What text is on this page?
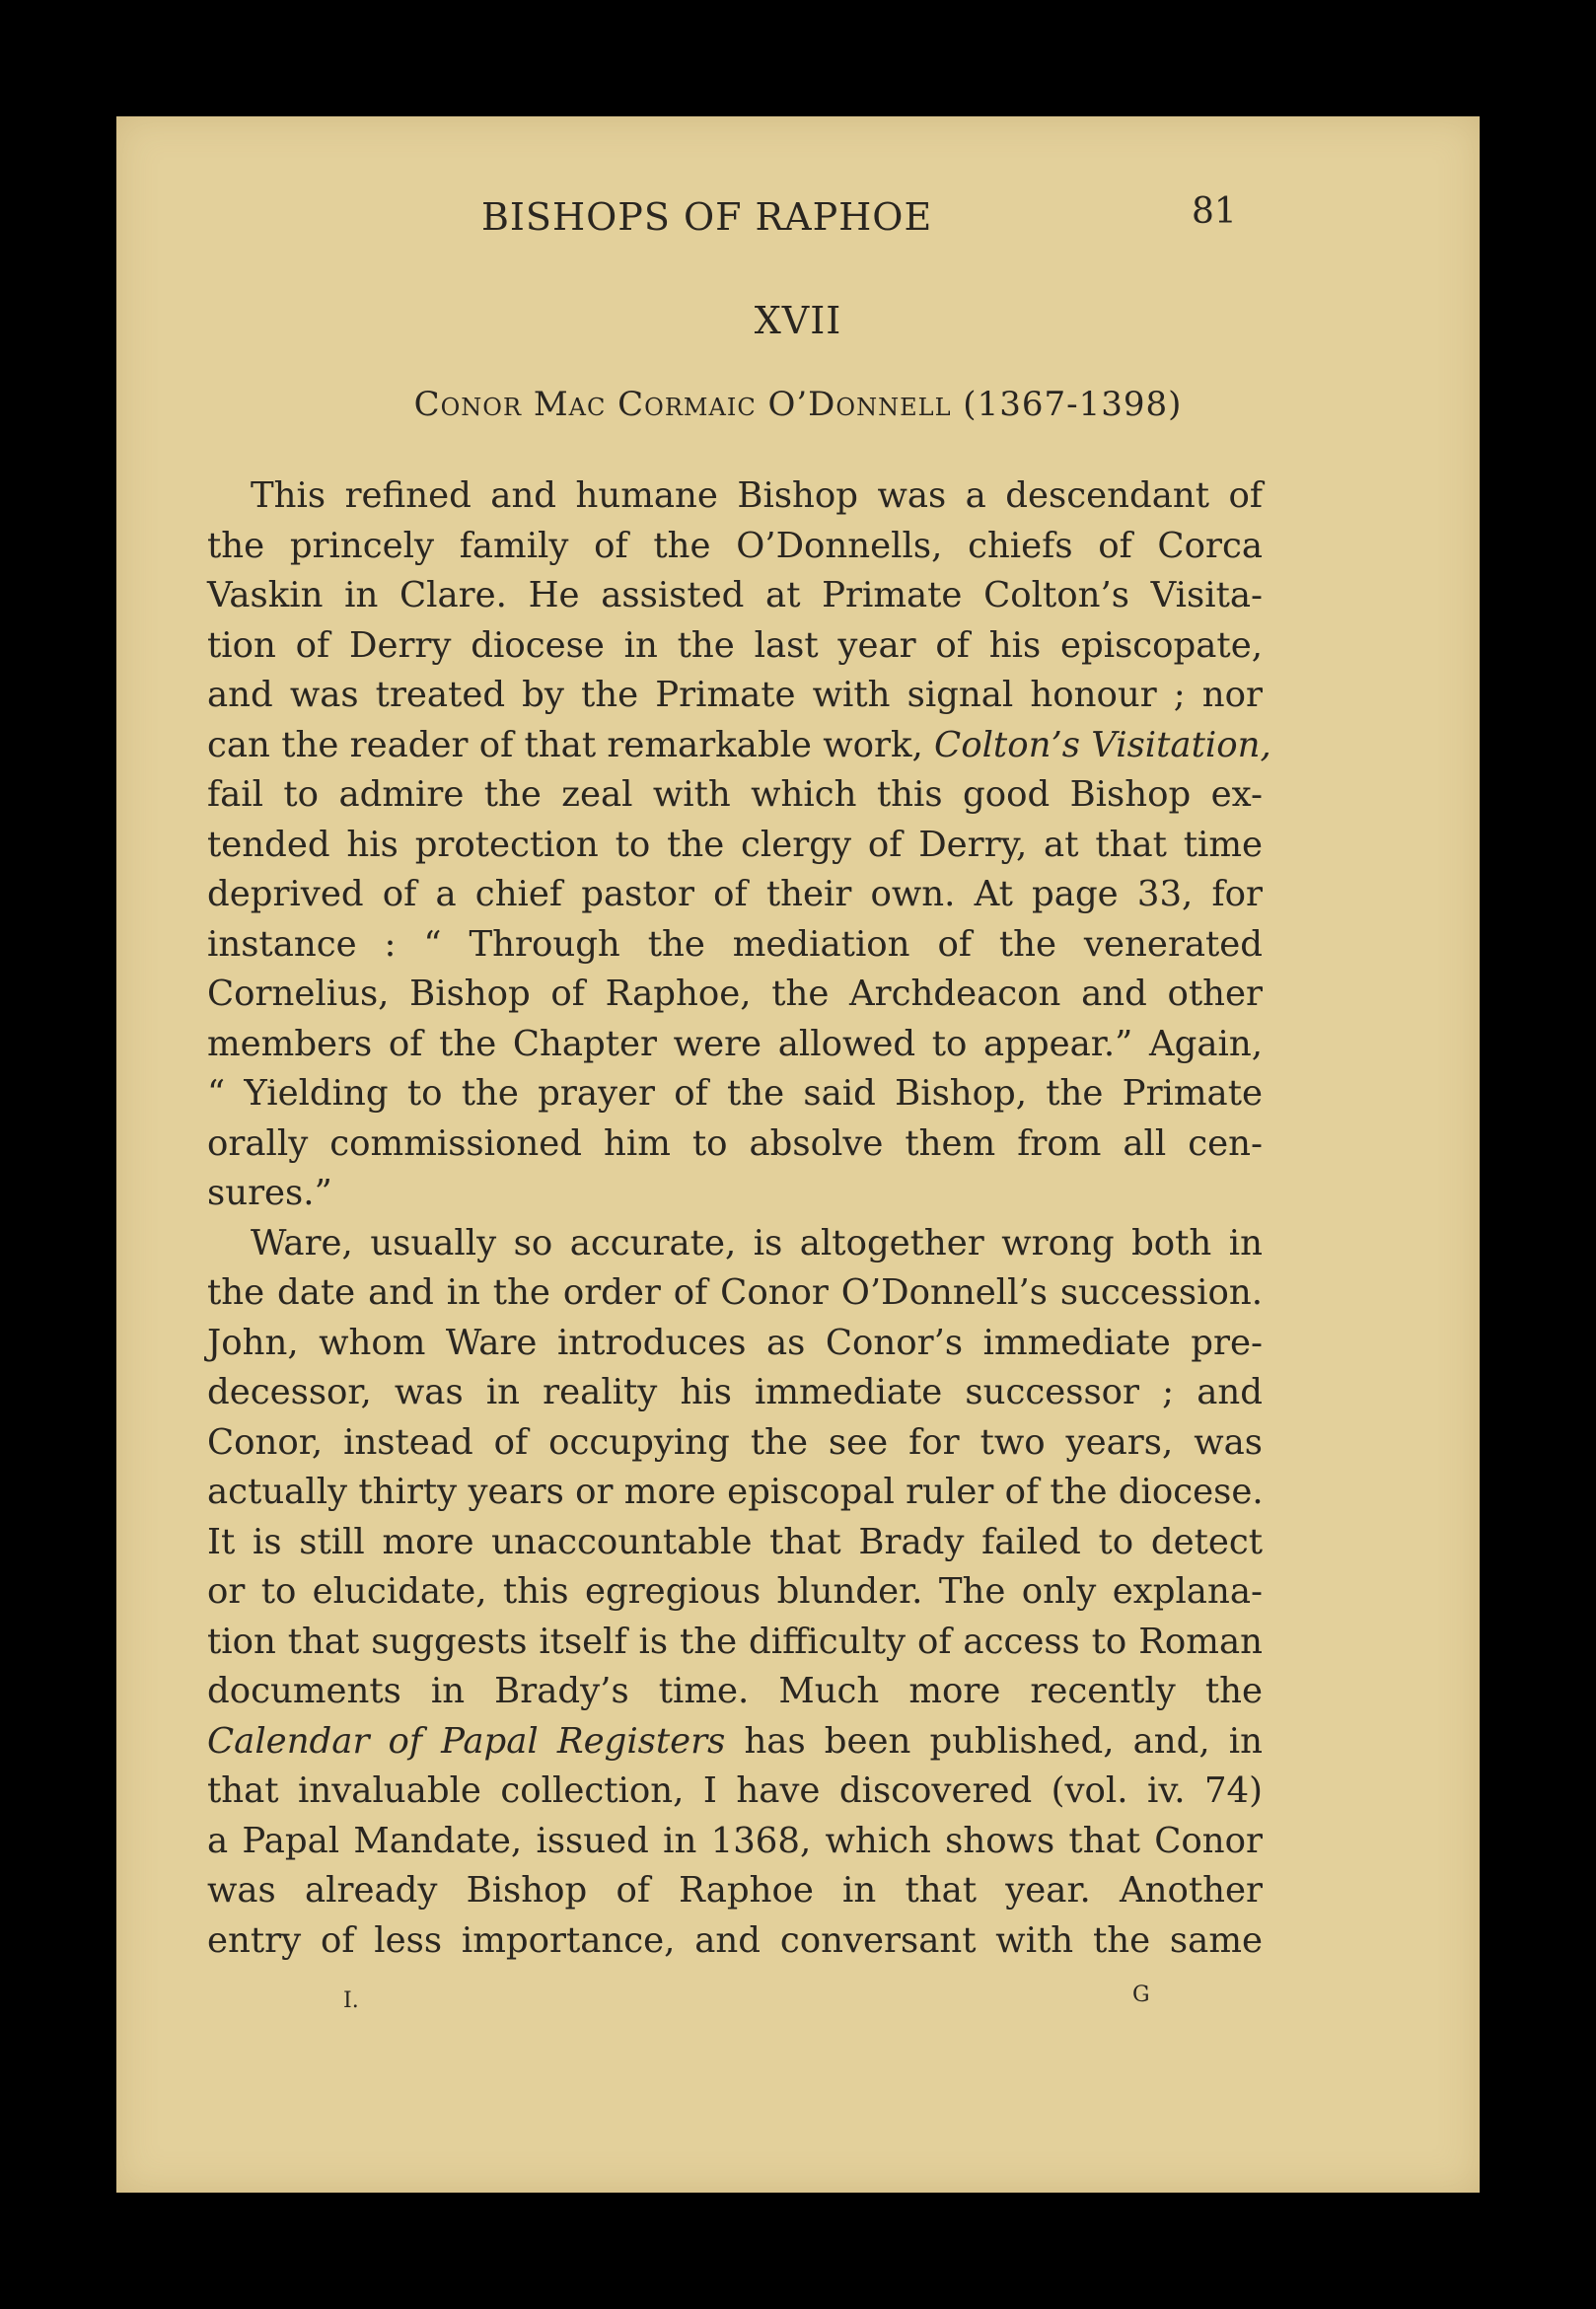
BISHOPS OF RAPHOE	81
XVII
Conor Mac Cormaic O’Donnell (1367-1398)
This refined and humane Bishop was a descendant of
the princely family of the O’Donnells, chiefs of Corca
Vaskin in Clare. He assisted at Primate Colton’s Visita-
tion of Derry diocese in the last year of his episcopate,
and was treated by the Primate with signal honour ; nor
can the reader of that remarkable work, Colton’s Visitation,
fail to admire the zeal with which this good Bishop ex-
tended his protection to the clergy of Derry, at that time
deprived of a chief pastor of their own. At page 33, for
instance : “ Through the mediation of the venerated
Cornelius, Bishop of Raphoe, the Archdeacon and other
members of the Chapter were allowed to appear.” Again,
“ Yielding to the prayer of the said Bishop, the Primate
orally commissioned him to absolve them from all cen-
sures.”
Ware, usually so accurate, is altogether wrong both in
the date and in the order of Conor O’Donnell’s succession.
John, whom Ware introduces as Conor’s immediate pre-
decessor, was in reality his immediate successor ; and
Conor, instead of occupying the see for two years, was
actually thirty years or more episcopal ruler of the diocese.
It is still more unaccountable that Brady failed to detect
or to elucidate, this egregious blunder. The only explana-
tion that suggests itself is the difficulty of access to Roman
documents in Brady’s time. Much more recently the
Calendar of Papal Registers has been published, and, in
that invaluable collection, I have discovered (vol. iv. 74)
a Papal Mandate, issued in 1368, which shows that Conor
was already Bishop of Raphoe in that year. Another
entry of less importance, and conversant with the same
I.	G
